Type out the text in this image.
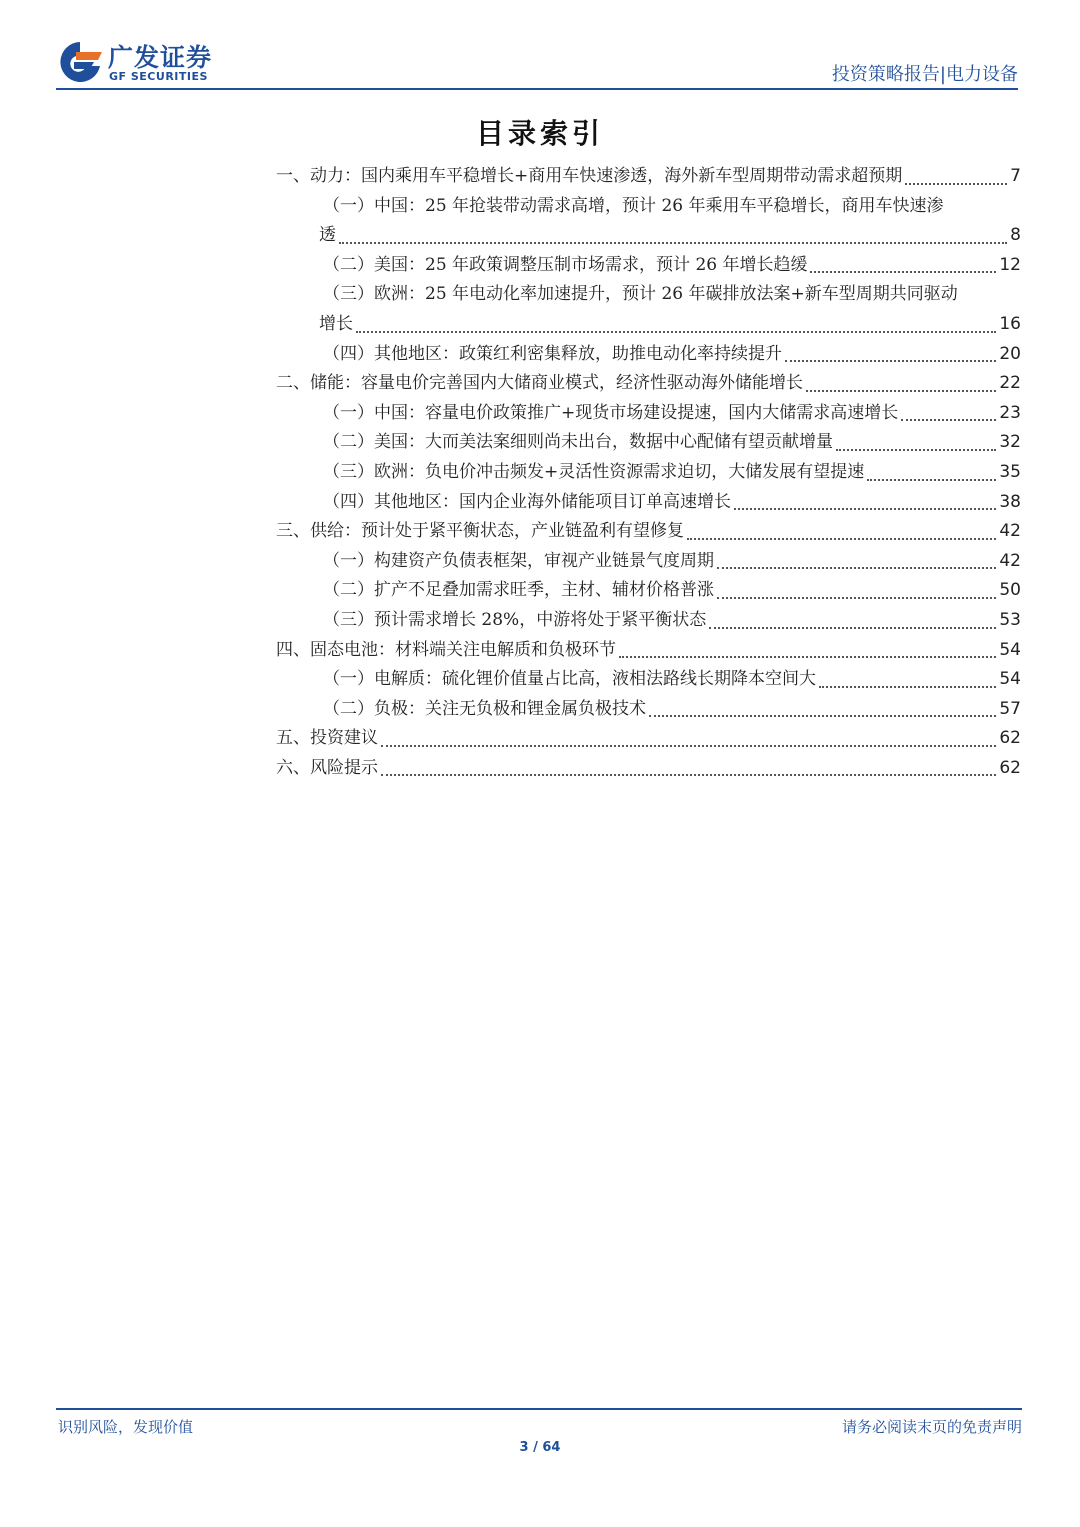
广发证券
GF SECURITIES	投资策略报告|电力设备
目录索引
一、动力：国内乘用车平稳增长+商用车快速渗透，海外新车型周期带动需求超预期	7
（一）中国：25 年抢装带动需求高增，预计 26 年乘用车平稳增长，商用车快速渗
透	8
（二）美国：25 年政策调整压制市场需求，预计 26 年增长趋缓	12
（三）欧洲：25 年电动化率加速提升，预计 26 年碳排放法案+新车型周期共同驱动
增长	16
（四）其他地区：政策红利密集释放，助推电动化率持续提升	20
二、储能：容量电价完善国内大储商业模式，经济性驱动海外储能增长	22
（一）中国：容量电价政策推广+现货市场建设提速，国内大储需求高速增长	23
（二）美国：大而美法案细则尚未出台，数据中心配储有望贡献增量	32
（三）欧洲：负电价冲击频发+灵活性资源需求迫切，大储发展有望提速	35
（四）其他地区：国内企业海外储能项目订单高速增长	38
三、供给：预计处于紧平衡状态，产业链盈利有望修复	42
（一）构建资产负债表框架，审视产业链景气度周期	42
（二）扩产不足叠加需求旺季，主材、辅材价格普涨	50
（三）预计需求增长 28%，中游将处于紧平衡状态	53
四、固态电池：材料端关注电解质和负极环节	54
（一）电解质：硫化锂价值量占比高，液相法路线长期降本空间大	54
（二）负极：关注无负极和锂金属负极技术	57
五、投资建议	62
六、风险提示	62
识别风险，发现价值	请务必阅读末页的免责声明
3 / 64
